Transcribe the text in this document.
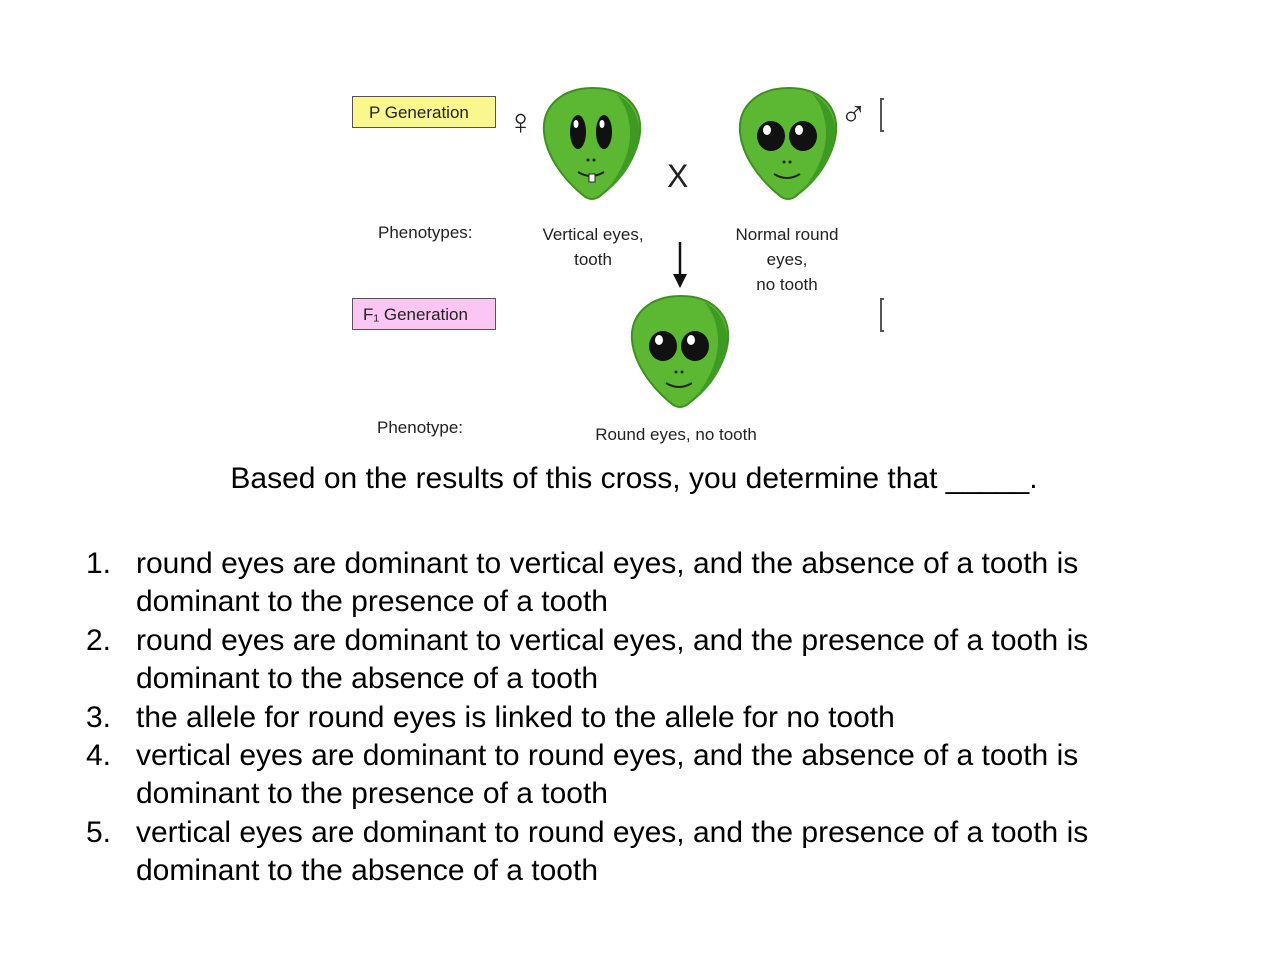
P Generation
F₁ Generation
♀	♂
X
Phenotypes:	Vertical eyes,
tooth
Normal round
eyes,
no tooth
Phenotype:	Round eyes, no tooth
Based on the results of this cross, you determine that _____.
1. round eyes are dominant to vertical eyes, and the absence of a tooth is dominant to the presence of a tooth
2. round eyes are dominant to vertical eyes, and the presence of a tooth is dominant to the absence of a tooth
3. the allele for round eyes is linked to the allele for no tooth
4. vertical eyes are dominant to round eyes, and the absence of a tooth is dominant to the presence of a tooth
5. vertical eyes are dominant to round eyes, and the presence of a tooth is dominant to the absence of a tooth
